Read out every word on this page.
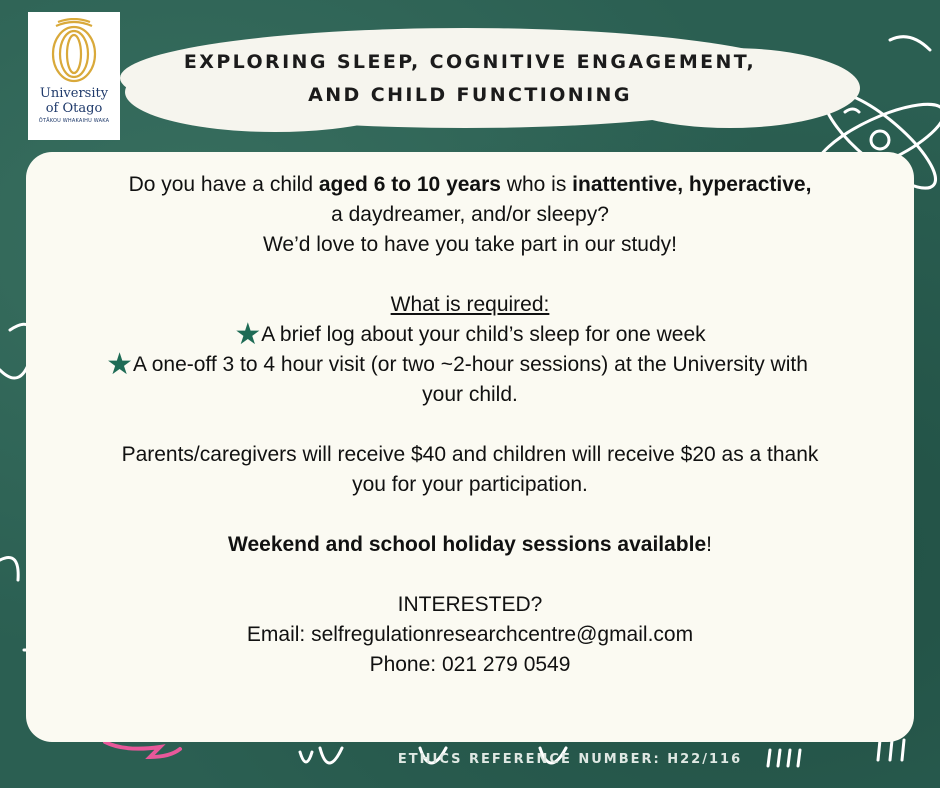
University
of Otago
ŌTĀKOU WHAKAIHU WAKA
EXPLORING SLEEP, COGNITIVE ENGAGEMENT,
AND CHILD FUNCTIONING

Do you have a child aged 6 to 10 years who is inattentive, hyperactive,

a daydreamer, and/or sleepy?

We’d love to have you take part in our study!

What is required:

★A brief log about your child’s sleep for one week

★A one-off 3 to 4 hour visit (or two ~2-hour sessions) at the University with

your child.

Parents/caregivers will receive $40 and children will receive $20 as a thank

you for your participation.

Weekend and school holiday sessions available!

INTERESTED?

Email: selfregulationresearchcentre@gmail.com

Phone: 021 279 0549

ETHICS REFERENCE NUMBER: H22/116
